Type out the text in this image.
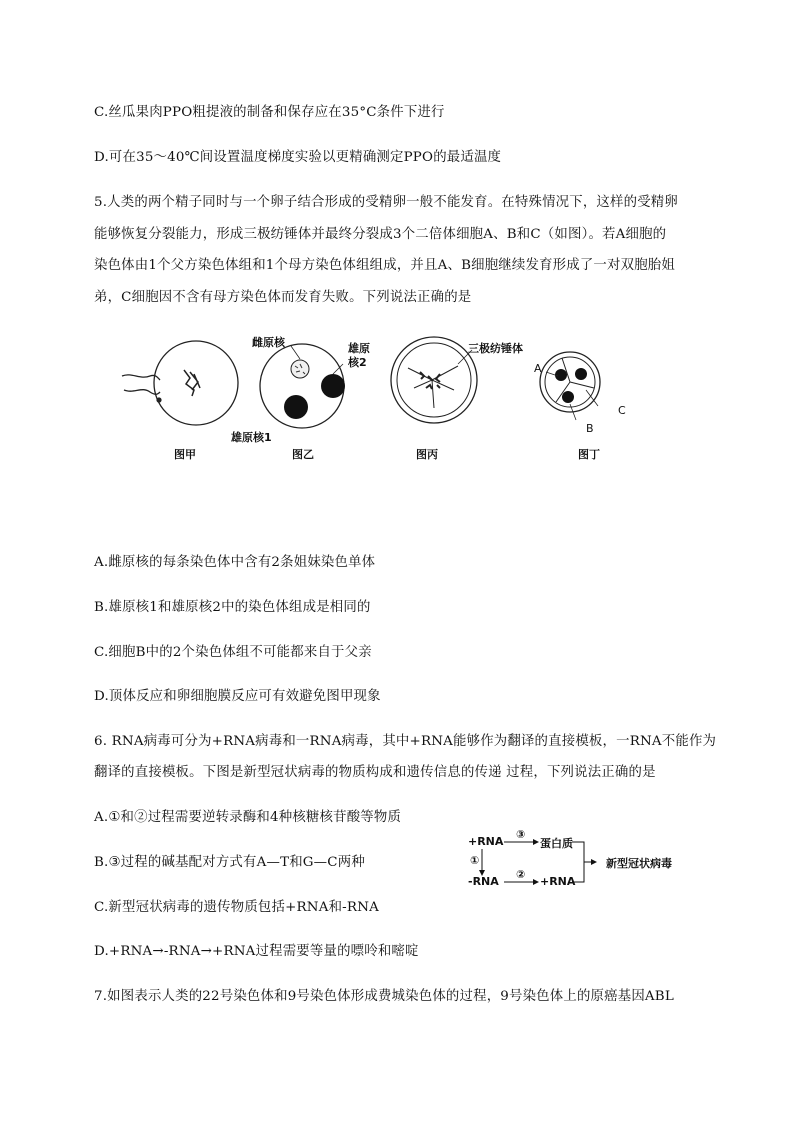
C.丝瓜果肉PPO粗提液的制备和保存应在35°C条件下进行
D.可在35～40℃间设置温度梯度实验以更精确测定PPO的最适温度
5.人类的两个精子同时与一个卵子结合形成的受精卵一般不能发育。在特殊情况下，这样的受精卵
能够恢复分裂能力，形成三极纺锤体并最终分裂成3个二倍体细胞A、B和C（如图）。若A细胞的
染色体由1个父方染色体组和1个母方染色体组组成，并且A、B细胞继续发育形成了一对双胞胎姐
弟，C细胞因不含有母方染色体而发育失败。下列说法正确的是
雌原核	雄原
核2
雄原核1
三极纺锤体
A
B
C
图甲	图乙	图丙	图丁
A.雌原核的每条染色体中含有2条姐妹染色单体
B.雄原核1和雄原核2中的染色体组成是相同的
C.细胞B中的2个染色体组不可能都来自于父亲
D.顶体反应和卵细胞膜反应可有效避免图甲现象
6. RNA病毒可分为+RNA病毒和一RNA病毒，其中+RNA能够作为翻译的直接模板，一RNA不能作为
翻译的直接模板。下图是新型冠状病毒的物质构成和遗传信息的传递 过程，下列说法正确的是
A.①和②过程需要逆转录酶和4种核糖核苷酸等物质
B.③过程的碱基配对方式有A—T和G—C两种
C.新型冠状病毒的遗传物质包括+RNA和-RNA
D.+RNA→-RNA→+RNA过程需要等量的嘌呤和嘧啶
+RNA
③
蛋白质
①
-RNA
②
+RNA
新型冠状病毒
7.如图表示人类的22号染色体和9号染色体形成费城染色体的过程，9号染色体上的原癌基因ABL
